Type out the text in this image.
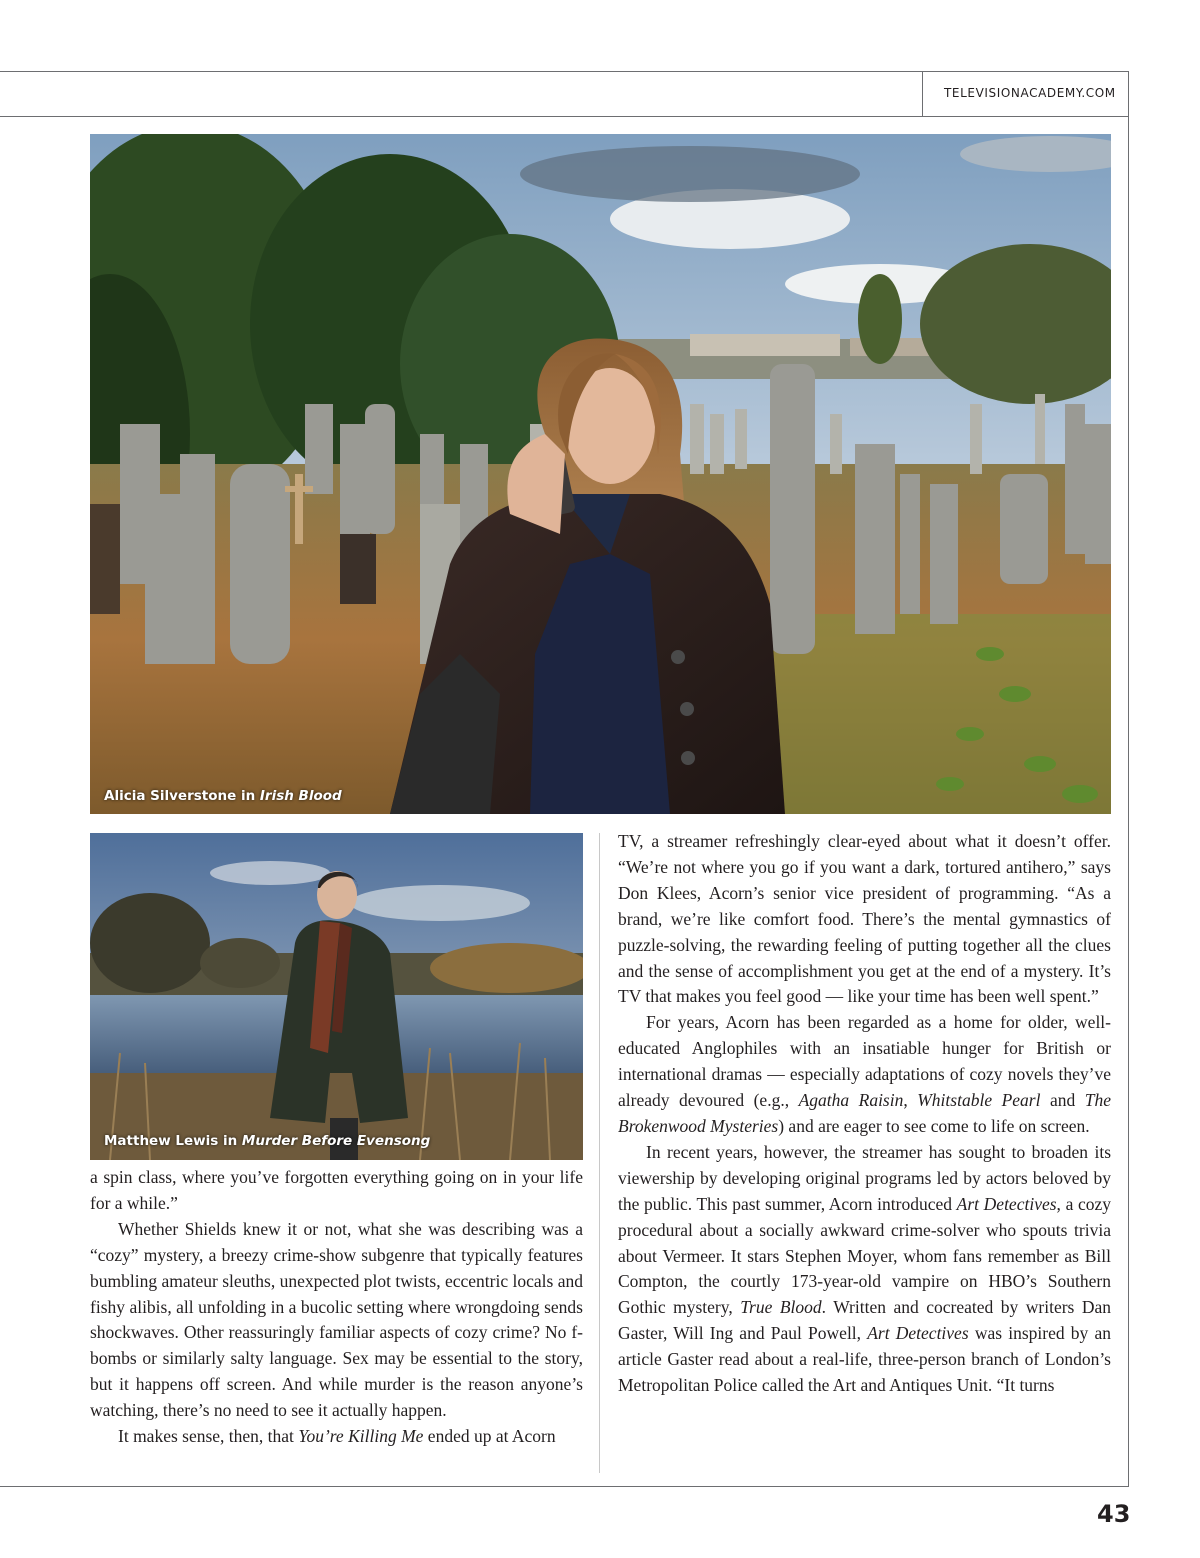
TELEVISIONACADEMY.COM
Alicia Silverstone in Irish Blood
Matthew Lewis in Murder Before Evensong

a spin class, where you’ve forgotten everything going on in your life for a while.”

Whether Shields knew it or not, what she was describing was a “cozy” mystery, a breezy crime-show subgenre that typically features bumbling amateur sleuths, unexpected plot twists, eccentric locals and fishy alibis, all unfolding in a bucolic setting where wrongdoing sends shockwaves. Other reassuringly familiar aspects of cozy crime? No f-bombs or similarly salty language. Sex may be essential to the story, but it happens off screen. And while murder is the reason anyone’s watching, there’s no need to see it actually happen.

It makes sense, then, that You’re Killing Me ended up at Acorn

TV, a streamer refreshingly clear-eyed about what it doesn’t offer. “We’re not where you go if you want a dark, tortured antihero,” says Don Klees, Acorn’s senior vice president of programming. “As a brand, we’re like comfort food. There’s the mental gymnastics of puzzle-solving, the rewarding feeling of putting together all the clues and the sense of accomplishment you get at the end of a mystery. It’s TV that makes you feel good — like your time has been well spent.”

For years, Acorn has been regarded as a home for older, well-educated Anglophiles with an insatiable hunger for British or international dramas — especially adaptations of cozy novels they’ve already devoured (e.g., Agatha Raisin, Whitstable Pearl and The Brokenwood Mysteries) and are eager to see come to life on screen.

In recent years, however, the streamer has sought to broaden its viewership by developing original programs led by actors beloved by the public. This past summer, Acorn introduced Art Detectives, a cozy procedural about a socially awkward crime-solver who spouts trivia about Vermeer. It stars Stephen Moyer, whom fans remember as Bill Compton, the courtly 173-year-old vampire on HBO’s Southern Gothic mystery, True Blood. Written and cocreated by writers Dan Gaster, Will Ing and Paul Powell, Art Detectives was inspired by an article Gaster read about a real-life, three-person branch of London’s Metropolitan Police called the Art and Antiques Unit. “It turns

43
